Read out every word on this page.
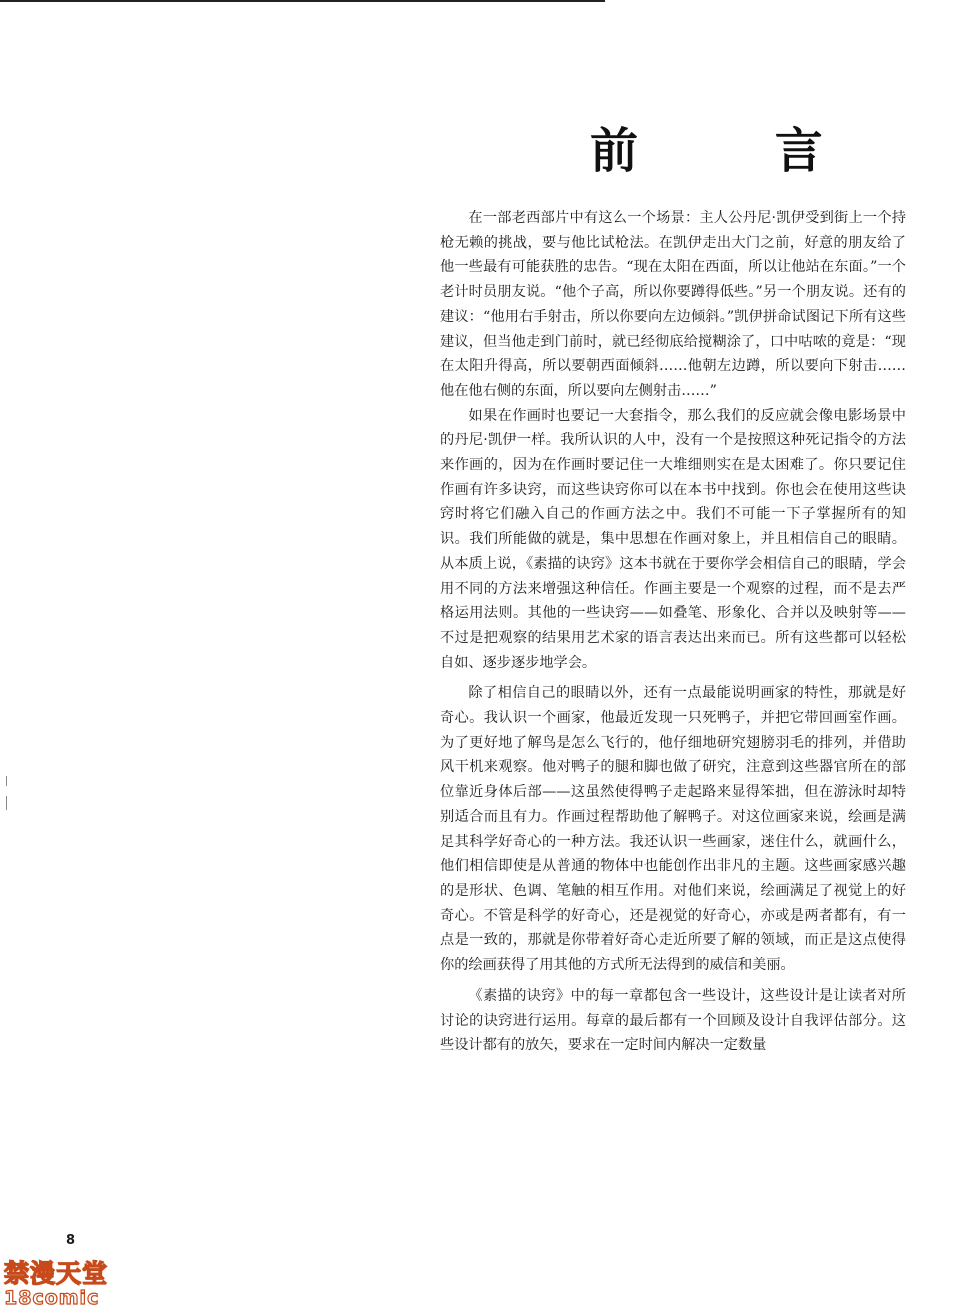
前 言

在一部老西部片中有这么一个场景：主人公丹尼·凯伊受到街上一个持枪无赖的挑战，要与他比试枪法。在凯伊走出大门之前，好意的朋友给了他一些最有可能获胜的忠告。“现在太阳在西面，所以让他站在东面。”一个老计时员朋友说。“他个子高，所以你要蹲得低些。”另一个朋友说。还有的建议：“他用右手射击，所以你要向左边倾斜。”凯伊拼命试图记下所有这些建议，但当他走到门前时，就已经彻底给搅糊涂了，口中咕哝的竟是：“现在太阳升得高，所以要朝西面倾斜……他朝左边蹲，所以要向下射击……他在他右侧的东面，所以要向左侧射击……”

如果在作画时也要记一大套指令，那么我们的反应就会像电影场景中的丹尼·凯伊一样。我所认识的人中，没有一个是按照这种死记指令的方法来作画的，因为在作画时要记住一大堆细则实在是太困难了。你只要记住作画有许多诀窍，而这些诀窍你可以在本书中找到。你也会在使用这些诀窍时将它们融入自己的作画方法之中。我们不可能一下子掌握所有的知识。我们所能做的就是，集中思想在作画对象上，并且相信自己的眼睛。从本质上说，《素描的诀窍》这本书就在于要你学会相信自己的眼睛，学会用不同的方法来增强这种信任。作画主要是一个观察的过程，而不是去严格运用法则。其他的一些诀窍——如叠笔、形象化、合并以及映射等——不过是把观察的结果用艺术家的语言表达出来而已。所有这些都可以轻松自如、逐步逐步地学会。

除了相信自己的眼睛以外，还有一点最能说明画家的特性，那就是好奇心。我认识一个画家，他最近发现一只死鸭子，并把它带回画室作画。为了更好地了解鸟是怎么飞行的，他仔细地研究翅膀羽毛的排列，并借助风干机来观察。他对鸭子的腿和脚也做了研究，注意到这些器官所在的部位靠近身体后部——这虽然使得鸭子走起路来显得笨拙，但在游泳时却特别适合而且有力。作画过程帮助他了解鸭子。对这位画家来说，绘画是满足其科学好奇心的一种方法。我还认识一些画家，迷住什么，就画什么，他们相信即使是从普通的物体中也能创作出非凡的主题。这些画家感兴趣的是形状、色调、笔触的相互作用。对他们来说，绘画满足了视觉上的好奇心。不管是科学的好奇心，还是视觉的好奇心，亦或是两者都有，有一点是一致的，那就是你带着好奇心走近所要了解的领域，而正是这点使得你的绘画获得了用其他的方式所无法得到的威信和美丽。

《素描的诀窍》中的每一章都包含一些设计，这些设计是让读者对所讨论的诀窍进行运用。每章的最后都有一个回顾及设计自我评估部分。这些设计都有的放矢，要求在一定时间内解决一定数量

8
禁漫天堂
18comic
